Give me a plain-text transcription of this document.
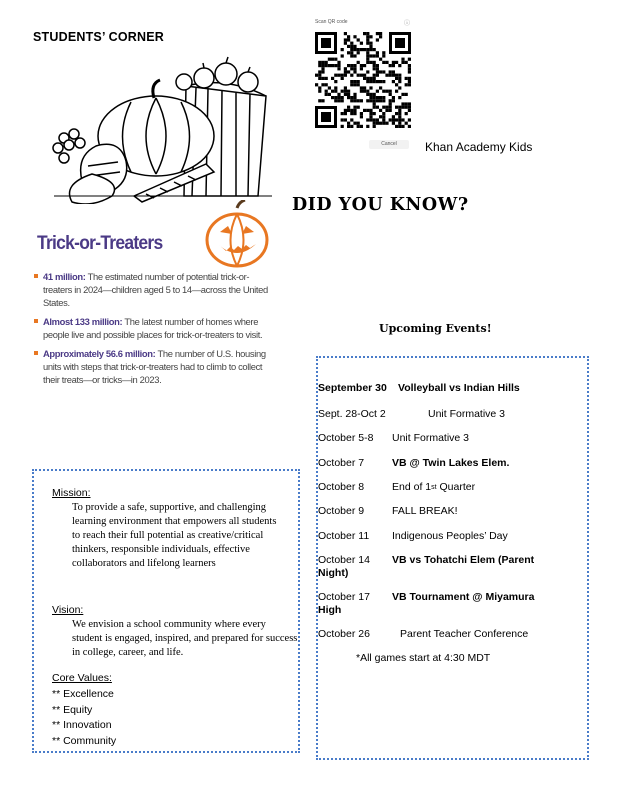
STUDENTS’ CORNER
Scan QR code	ⓘ
Cancel	Khan Academy Kids
DID YOU KNOW?
Trick-or-Treaters
41 million: The estimated number of potential trick-or-treaters in 2024—children aged 5 to 14—across the United States.
Almost 133 million: The latest number of homes where people live and possible places for trick-or-treaters to visit.
Approximately 56.6 million: The number of U.S. housing units with steps that trick-or-treaters had to climb to collect their treats—or tricks—in 2023.
Upcoming Events!
September 30 Volleyball vs Indian Hills
Sept. 28-Oct 2	Unit Formative 3
October 5-8 Unit Formative 3
October 7	VB @ Twin Lakes Elem.
October 8	End of 1st Quarter
October 9	FALL BREAK!
October 11 Indigenous Peoples’ Day
October 14 VB vs Tohatchi Elem (Parent
Night)
October 17 VB Tournament @ Miyamura
High
October 26	Parent Teacher Conference
*All games start at 4:30 MDT
Mission:
To provide a safe, supportive, and challenging learning environment that empowers all students to reach their full potential as creative/critical thinkers, responsible individuals, effective collaborators and lifelong learners
Vision:
We envision a school community where every student is engaged, inspired, and prepared for success in college, career, and life.
Core Values:
** Excellence
** Equity
** Innovation
** Community
